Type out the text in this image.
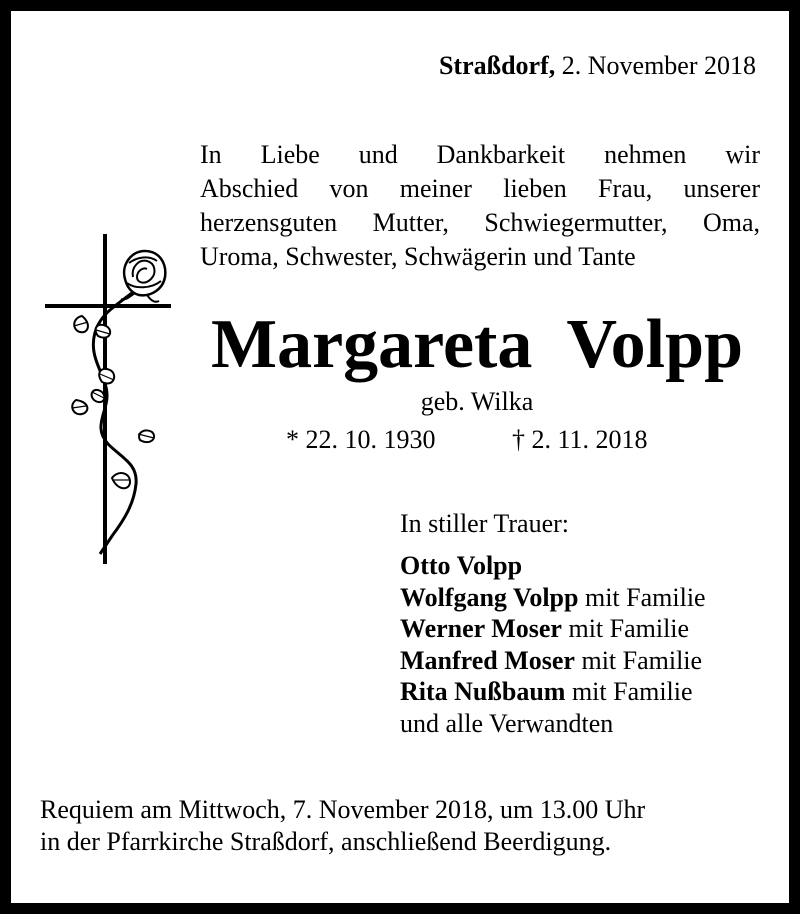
Straßdorf, 2. November 2018
In Liebe und Dankbarkeit nehmen wir
Abschied von meiner lieben Frau, unserer
herzensguten Mutter, Schwiegermutter, Oma,
Uroma, Schwester, Schwägerin und Tante
Margareta Volpp
geb. Wilka
* 22. 10. 1930	† 2. 11. 2018
In stiller Trauer:
Otto Volpp
Wolfgang Volpp mit Familie
Werner Moser mit Familie
Manfred Moser mit Familie
Rita Nußbaum mit Familie
und alle Verwandten
Requiem am Mittwoch, 7. November 2018, um 13.00 Uhr
in der Pfarrkirche Straßdorf, anschließend Beerdigung.
